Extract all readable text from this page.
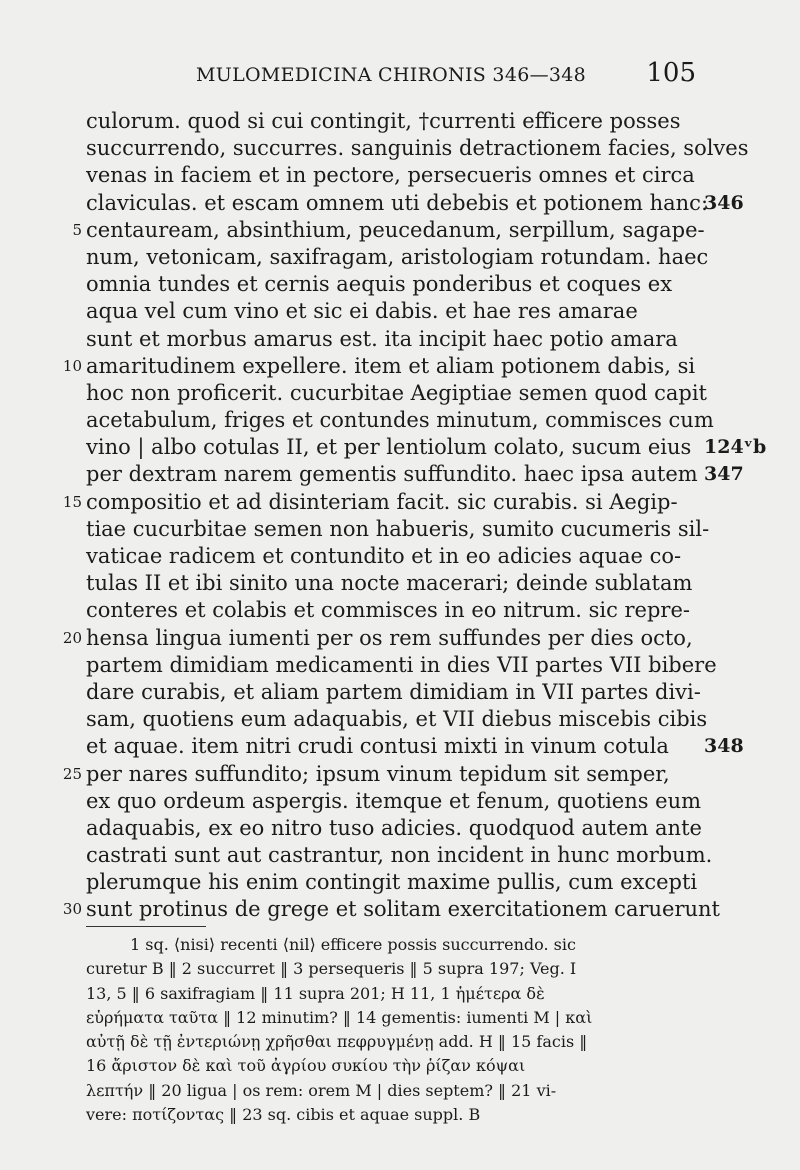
MULOMEDICINA CHIRONIS 346—348 105
culorum. quod si cui contingit, †currenti efficere posses
succurrendo, succurres. sanguinis detractionem facies, solves
venas in faciem et in pectore, persecueris omnes et circa
claviculas. et escam omnem uti debebis et potionem hanc:
346
5 centauream, absinthium, peucedanum, serpillum, sagape-
num, vetonicam, saxifragam, aristologiam rotundam. haec
omnia tundes et cernis aequis ponderibus et coques ex
aqua vel cum vino et sic ei dabis. et hae res amarae
sunt et morbus amarus est. ita incipit haec potio amara
10 amaritudinem expellere. item et aliam potionem dabis, si
hoc non proficerit. cucurbitae Aegiptiae semen quod capit
acetabulum, friges et contundes minutum, commisces cum
vino | albo cotulas II, et per lentiolum colato, sucum eius 124ᵛb
per dextram narem gementis suffundito. haec ipsa autem 347
15 compositio et ad disinteriam facit. sic curabis. si Aegip-
tiae cucurbitae semen non habueris, sumito cucumeris sil-
vaticae radicem et contundito et in eo adicies aquae co-
tulas II et ibi sinito una nocte macerari; deinde sublatam
conteres et colabis et commisces in eo nitrum. sic repre-
20 hensa lingua iumenti per os rem suffundes per dies octo,
partem dimidiam medicamenti in dies VII partes VII bibere
dare curabis, et aliam partem dimidiam in VII partes divi-
sam, quotiens eum adaquabis, et VII diebus miscebis cibis
et aquae. item nitri crudi contusi mixti in vinum cotula 348
25 per nares suffundito; ipsum vinum tepidum sit semper,
ex quo ordeum aspergis. itemque et fenum, quotiens eum
adaquabis, ex eo nitro tuso adicies. quodquod autem ante
castrati sunt aut castrantur, non incident in hunc morbum.
plerumque his enim contingit maxime pullis, cum excepti
30 sunt protinus de grege et solitam exercitationem caruerunt
1 sq. ⟨nisi⟩ recenti ⟨nil⟩ efficere possis succurrendo. sic
curetur B ‖ 2 succurret ‖ 3 persequeris ‖ 5 supra 197; Veg. I
13, 5 ‖ 6 saxifragiam ‖ 11 supra 201; H 11, 1 ἡμέτερα δὲ
εὑρήματα ταῦτα ‖ 12 minutim? ‖ 14 gementis: iumenti M | καὶ
αὐτῇ δὲ τῇ ἐντεριώνῃ χρῆσθαι πεφρυγμένῃ add. H ‖ 15 facis ‖
16 ἄριστον δὲ καὶ τοῦ ἀγρίου συκίου τὴν ῥίζαν κόψαι
λεπτήν ‖ 20 ligua | os rem: orem M | dies septem? ‖ 21 vi-
vere: ποτίζοντας ‖ 23 sq. cibis et aquae suppl. B
